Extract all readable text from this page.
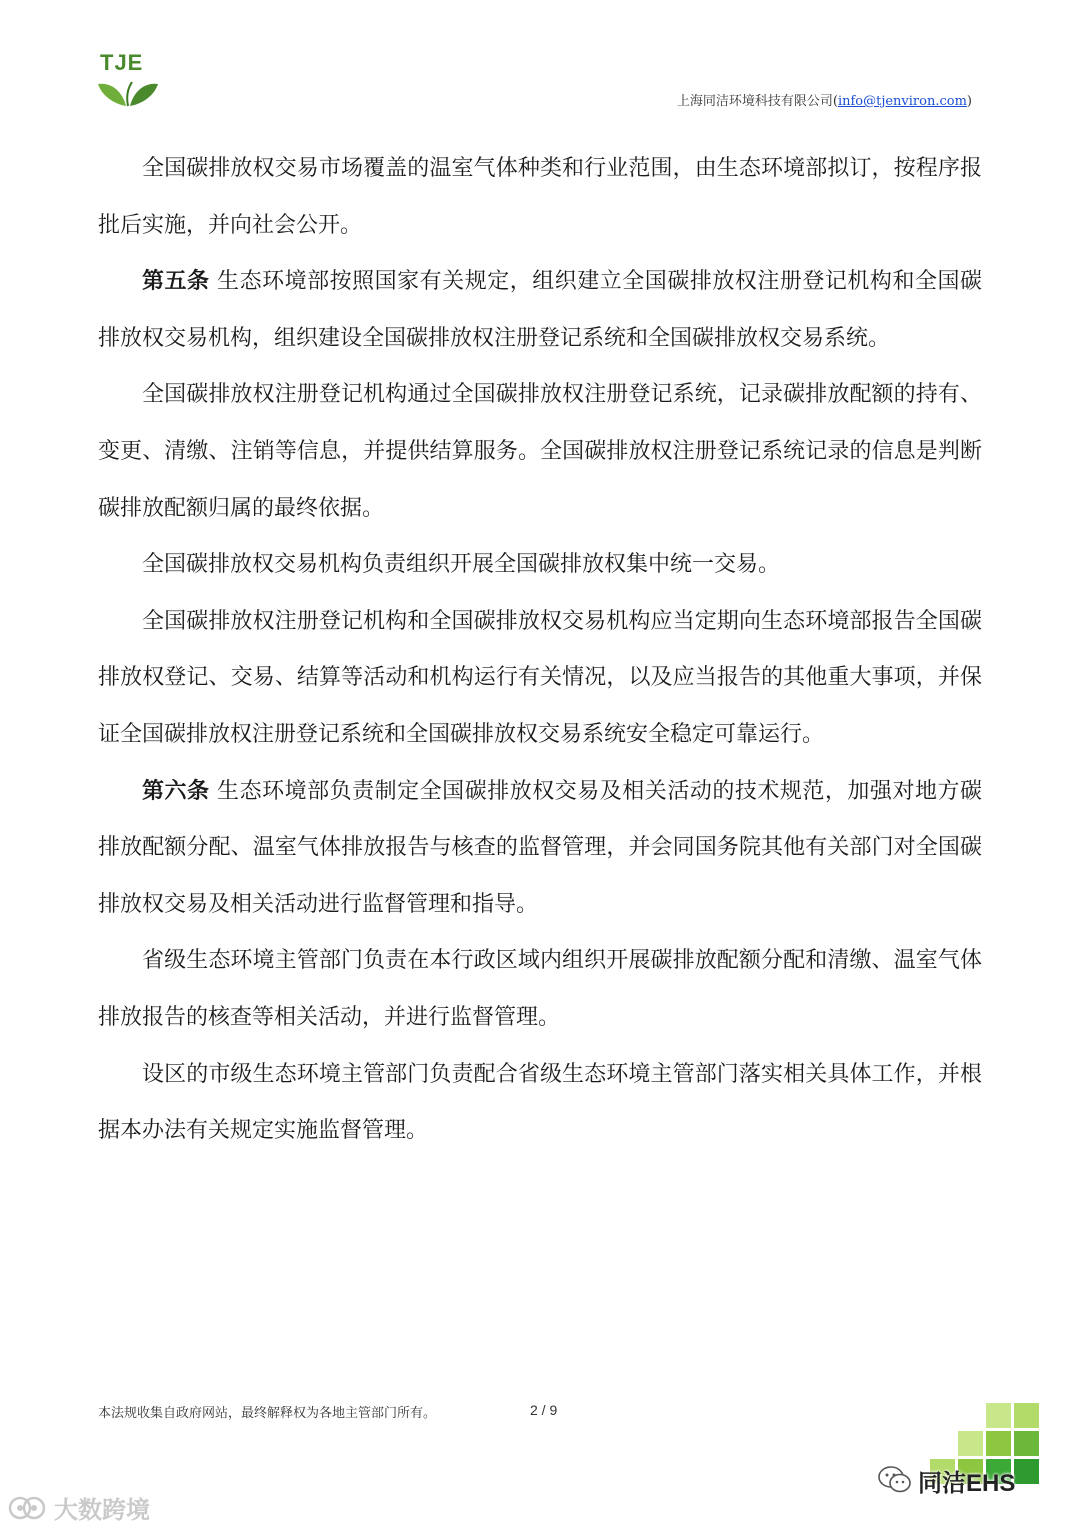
TJE
上海同洁环境科技有限公司(info@tjenviron.com)

全国碳排放权交易市场覆盖的温室气体种类和行业范围，由生态环境部拟订，按程序报批后实施，并向社会公开。

第五条 生态环境部按照国家有关规定，组织建立全国碳排放权注册登记机构和全国碳排放权交易机构，组织建设全国碳排放权注册登记系统和全国碳排放权交易系统。

全国碳排放权注册登记机构通过全国碳排放权注册登记系统，记录碳排放配额的持有、变更、清缴、注销等信息，并提供结算服务。全国碳排放权注册登记系统记录的信息是判断碳排放配额归属的最终依据。

全国碳排放权交易机构负责组织开展全国碳排放权集中统一交易。

全国碳排放权注册登记机构和全国碳排放权交易机构应当定期向生态环境部报告全国碳排放权登记、交易、结算等活动和机构运行有关情况，以及应当报告的其他重大事项，并保证全国碳排放权注册登记系统和全国碳排放权交易系统安全稳定可靠运行。

第六条 生态环境部负责制定全国碳排放权交易及相关活动的技术规范，加强对地方碳排放配额分配、温室气体排放报告与核查的监督管理，并会同国务院其他有关部门对全国碳排放权交易及相关活动进行监督管理和指导。

省级生态环境主管部门负责在本行政区域内组织开展碳排放配额分配和清缴、温室气体排放报告的核查等相关活动，并进行监督管理。

设区的市级生态环境主管部门负责配合省级生态环境主管部门落实相关具体工作，并根据本办法有关规定实施监督管理。

本法规收集自政府网站，最终解释权为各地主管部门所有。	2 / 9
同洁EHS
大数跨境
